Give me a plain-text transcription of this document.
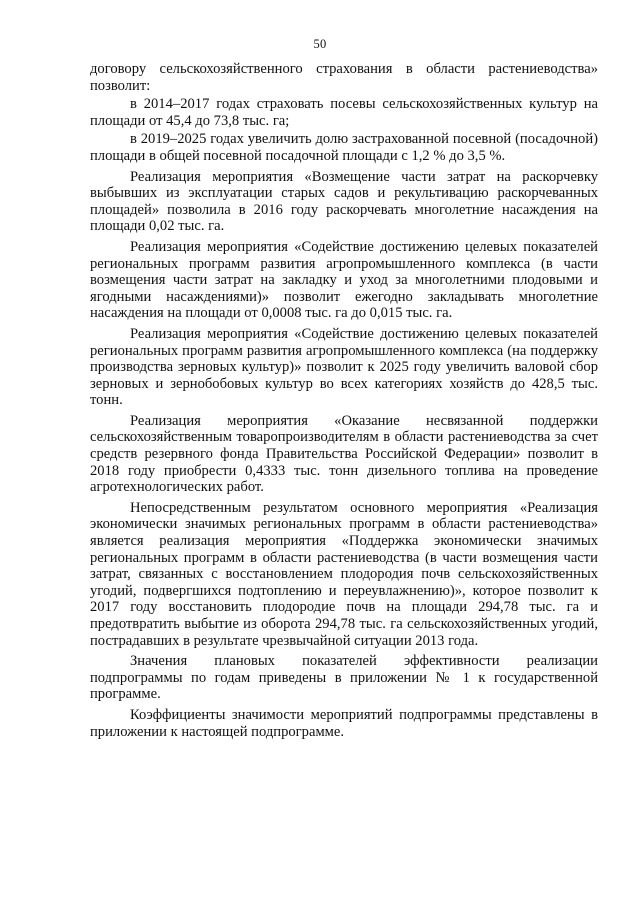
50

договору сельскохозяйственного страхования в области растениеводства» позволит:

в 2014–2017 годах страховать посевы сельскохозяйственных культур на площади от 45,4 до 73,8 тыс. га;

в 2019–2025 годах увеличить долю застрахованной посевной (посадочной) площади в общей посевной посадочной площади с 1,2 % до 3,5 %.

Реализация мероприятия «Возмещение части затрат на раскорчевку выбывших из эксплуатации старых садов и рекультивацию раскорчеванных площадей» позволила в 2016 году раскорчевать многолетние насаждения на площади 0,02 тыс. га.

Реализация мероприятия «Содействие достижению целевых показателей региональных программ развития агропромышленного комплекса (в части возмещения части затрат на закладку и уход за многолетними плодовыми и ягодными насаждениями)» позволит ежегодно закладывать многолетние насаждения на площади от 0,0008 тыс. га до 0,015 тыс. га.

Реализация мероприятия «Содействие достижению целевых показателей региональных программ развития агропромышленного комплекса (на поддержку производства зерновых культур)» позволит к 2025 году увеличить валовой сбор зерновых и зернобобовых культур во всех категориях хозяйств до 428,5 тыс. тонн.

Реализация мероприятия «Оказание несвязанной поддержки сельскохозяйственным товаропроизводителям в области растениеводства за счет средств резервного фонда Правительства Российской Федерации» позволит в 2018 году приобрести 0,4333 тыс. тонн дизельного топлива на проведение агротехнологических работ.

Непосредственным результатом основного мероприятия «Реализация экономически значимых региональных программ в области растениеводства» является реализация мероприятия «Поддержка экономически значимых региональных программ в области растениеводства (в части возмещения части затрат, связанных с восстановлением плодородия почв сельскохозяйственных угодий, подвергшихся подтоплению и переувлажнению)», которое позволит к 2017 году восстановить плодородие почв на площади 294,78 тыс. га и предотвратить выбытие из оборота 294,78 тыс. га сельскохозяйственных угодий, пострадавших в результате чрезвычайной ситуации 2013 года.

Значения плановых показателей эффективности реализации подпрограммы по годам приведены в приложении № 1 к государственной программе.

Коэффициенты значимости мероприятий подпрограммы представлены в приложении к настоящей подпрограмме.
